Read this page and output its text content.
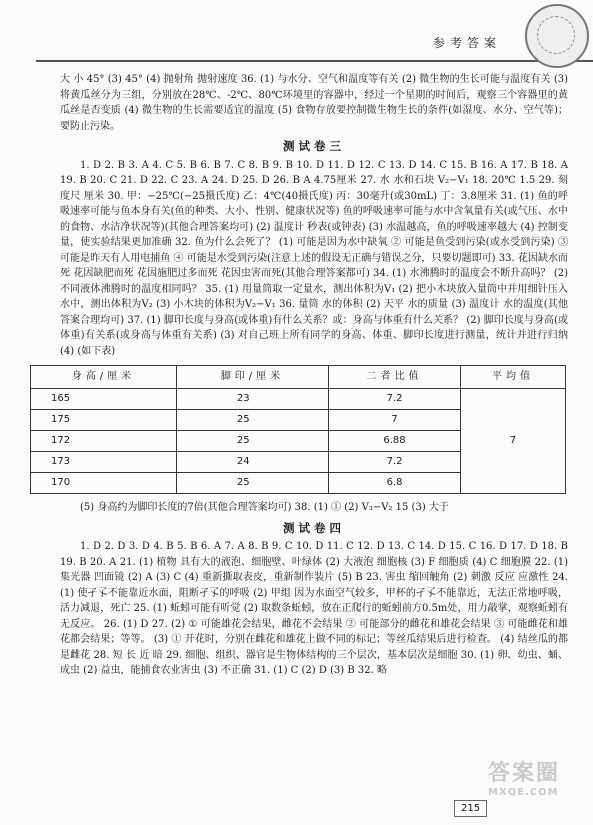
参考答案

大 小 45° (3) 45° (4) 抛射角 抛射速度 36. (1) 与水分、空气和温度等有关 (2) 微生物的生长可能与温度有关 (3) 将黄瓜丝分为三组，分别放在28℃、-2℃、80℃环境里的容器中，经过一个星期的时间后，观察三个容器里的黄瓜丝是否变质 (4) 微生物的生长需要适宜的温度 (5) 食物存放要控制微生物生长的条件(如湿度、水分、空气等)；要防止污染。

测试卷三

1. D 2. B 3. A 4. C 5. B 6. B 7. C 8. B 9. B 10. D 11. D 12. C 13. D 14. C 15. B 16. A 17. B 18. A 19. B 20. C 21. D 22. C 23. A 24. D 25. D 26. B A 4.75厘米 27. 水 水和石块 V₂−V₁ 18. 20℃ 1.5 29. 刻度尺 厘米 30. 甲：−25℃(−25摄氏度) 乙：4℃(40摄氏度) 丙：30毫升(或30mL) 丁：3.8厘米 31. (1) 鱼的呼吸速率可能与鱼本身有关(鱼的种类、大小、性别、健康状况等) 鱼的呼吸速率可能与水中含氧量有关(或气压、水中的食物、水洁净状况等)(其他合理答案均可) (2) 温度计 秒表(或钟表) (3) 水温越高，鱼的呼吸速率越大 (4) 控制变量，使实验结果更加准确 32. 鱼为什么会死了？ (1) 可能是因为水中缺氧 ② 可能是鱼受到污染(或水受到污染) ③ 可能是昨天有人用电捕鱼 ④ 可能是水受到污染(注意上述的假设无正确与错误之分，只要切题即可) 33. 花因缺水而死 花因缺肥而死 花因施肥过多而死 花因虫害而死(其他合理答案都可) 34. (1) 水沸腾时的温度会不断升高吗？ (2) 不同液体沸腾时的温度相同吗？ 35. (1) 用量筒取一定量水，测出体积为V₁ (2) 把小木块放入量筒中并用细针压入水中，测出体积为V₂ (3) 小木块的体积为V₂−V₁ 36. 量筒 水的体积 (2) 天平 水的质量 (3) 温度计 水的温度(其他答案合理均可) 37. (1) 脚印长度与身高(或体重)有什么关系？或：身高与体重有什么关系？ (2) 脚印长度与身高(或体重)有关系(或身高与体重有关系) (3) 对自己班上所有同学的身高、体重、脚印长度进行测量，统计并进行归纳 (4) (如下表)

身高/厘米	脚印/厘米	二者比值	平均值
165	23	7.2	7
175	25	7	
172	25	6.88	
173	24	7.2	
170	25	6.8	

(5) 身高约为脚印长度的7倍(其他合理答案均可) 38. (1) ① (2) V₃−V₂ 15 (3) 大于

测试卷四

1. D 2. D 3. D 4. B 5. B 6. A 7. A 8. B 9. C 10. D 11. C 12. D 13. C 14. D 15. C 16. D 17. D 18. B 19. B 20. A 21. (1) 植物 具有大的液泡、细胞壁、叶绿体 (2) 大液泡 细胞核 (3) F 细胞质 (4) C 细胞膜 22. (1) 集光器 凹面镜 (2) A (3) C (4) 重新撕取表皮，重新制作装片 (5) B 23. 害虫 缩回触角 (2) 刺激 反应 应激性 24. (1) 使孑孓不能靠近水面，阻断孑孓的呼吸 (2) 甲组 因为水面空气较多，甲杯的孑孓不能靠近，无法正常地呼吸，活力减退，死亡 25. (1) 蚯蚓可能有听觉 (2) 取数条蚯蚓，放在正爬行的蚯蚓前方0.5m处，用力敲掌，观察蚯蚓有无反应。 26. (1) D 27. (2) ① 可能雄花会结果，雌花不会结果 ② 可能部分的雌花和雄花会结果 ③ 可能雌花和雄花都会结果；等等。 (3) ① 开花时，分别在雌花和雄花上做不同的标记；等丝瓜结果后进行检查。 (4) 结丝瓜的都是雌花 28. 短 长 近 暗 29. 细胞、组织、器官是生物体结构的三个层次，基本层次是细胞 30. (1) 卵、幼虫、蛹、成虫 (2) 益虫，能捕食农业害虫 (3) 不正确 31. (1) C (2) D (3) B 32. 略

215
答案圈
MXQE.COM
